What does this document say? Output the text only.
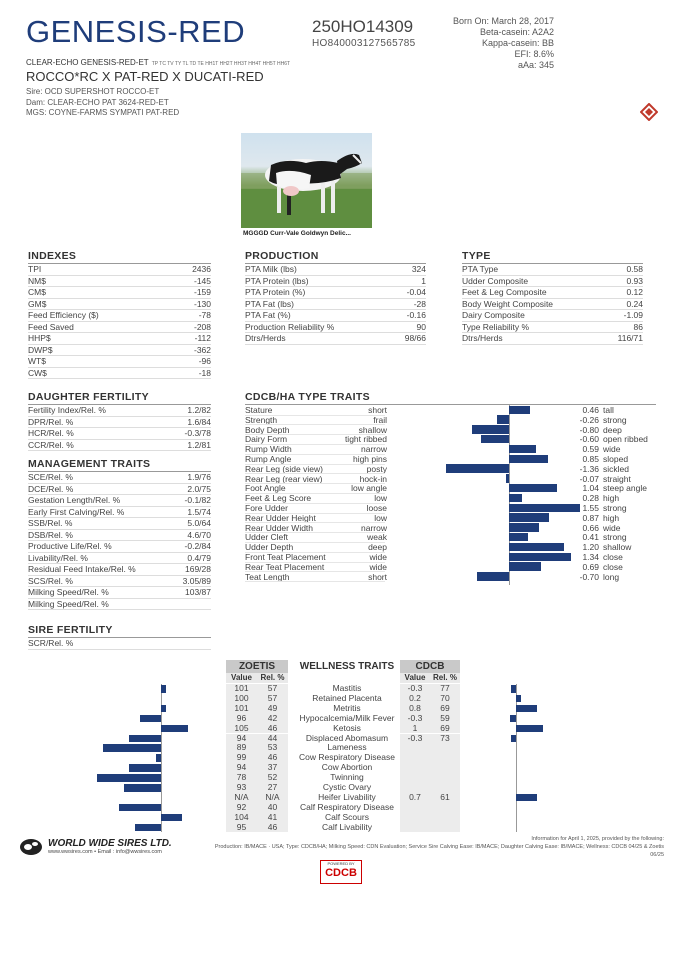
GENESIS-RED	250HO14309
HO840003127565785
Born On: March 28, 2017
Beta-casein: A2A2
Kappa-casein: BB
EFI: 8.6%
aAa: 345
CLEAR-ECHO GENESIS-RED-ET TP TC TV TY TL TD TE HH1T HH2T HH3T HH4T HH5T HH6T
ROCCO*RC X PAT-RED X DUCATI-RED
Sire: OCD SUPERSHOT ROCCO-ET
Dam: CLEAR-ECHO PAT 3624-RED-ET
MGS: COYNE-FARMS SYMPATI PAT-RED
MGGGD Curr-Vale Goldwyn Delic...
INDEXES
TPI	2436
NM$	-145
CM$	-159
GM$	-130
Feed Efficiency ($)	-78
Feed Saved	-208
HHP$	-112
DWP$	-362
WT$	-96
CW$	-18
PRODUCTION
PTA Milk (lbs)	324
PTA Protein (lbs)	1
PTA Protein (%)	-0.04
PTA Fat (lbs)	-28
PTA Fat (%)	-0.16
Production Reliability %	90
Dtrs/Herds	98/66
TYPE
PTA Type	0.58
Udder Composite	0.93
Feet & Leg Composite	0.12
Body Weight Composite	0.24
Dairy Composite	-1.09
Type Reliability %	86
Dtrs/Herds	116/71
DAUGHTER FERTILITY
Fertility Index/Rel. %	1.2/82
DPR/Rel. %	1.6/84
HCR/Rel. %	-0.3/78
CCR/Rel. %	1.2/81
MANAGEMENT TRAITS
SCE/Rel. %	1.9/76
DCE/Rel. %	2.0/75
Gestation Length/Rel. %	-0.1/82
Early First Calving/Rel. %	1.5/74
SSB/Rel. %	5.0/64
DSB/Rel. %	4.6/70
Productive Life/Rel. %	-0.2/84
Livability/Rel. %	0.4/79
Residual Feed Intake/Rel. %	169/28
SCS/Rel. %	3.05/89
Milking Speed/Rel. %	103/87
Milking Speed/Rel. %
SIRE FERTILITY
SCR/Rel. %
CDCB/HA TYPE TRAITS
Stature	short	0.46 tall
Strength	frail	-0.26 strong
Body Depth	shallow	-0.80 deep
Dairy Form	tight ribbed	-0.60 open ribbed
Rump Width	narrow	0.59 wide
Rump Angle	high pins	0.85 sloped
Rear Leg (side view)	posty	-1.36 sickled
Rear Leg (rear view)	hock-in	-0.07 straight
Foot Angle	low angle	1.04 steep angle
Feet & Leg Score	low	0.28 high
Fore Udder	loose	1.55 strong
Rear Udder Height	low	0.87 high
Rear Udder Width	narrow	0.66 wide
Udder Cleft	weak	0.41 strong
Udder Depth	deep	1.20 shallow
Front Teat Placement	wide	1.34 close
Rear Teat Placement	wide	0.69 close
Teat Length	short	-0.70 long
ZOETIS	WELLNESS TRAITS	CDCB
Value	Rel. %	Value Rel. %
101	57	Mastitis	-0.3	77
100	57	Retained Placenta	0.2	70
101	49	Metritis	0.8	69
96	42	Hypocalcemia/Milk Fever	-0.3	59
105	46	Ketosis	1	69
94	44	Displaced Abomasum	-0.3	73
89	53	Lameness
99	46	Cow Respiratory Disease
94	37	Cow Abortion
78	52	Twinning
93	27	Cystic Ovary
N/A	N/A	Heifer Livability	0.7	61
92	40	Calf Respiratory Disease
104	41	Calf Scours
95	46	Calf Livability
WORLD WIDE SIRES LTD.
www.wwsires.com • Email : info@wwsires.com
Information for April 1, 2025, provided by the following:
Production: IB/MACE · USA; Type: CDCB/HA; Milking Speed: CDN Evaluation; Service Sire Calving Ease: IB/MACE; Daughter Calving Ease: IB/MACE; Wellness: CDCB 04/25 & Zoetis
06/25
POWERED BY
CDCB
